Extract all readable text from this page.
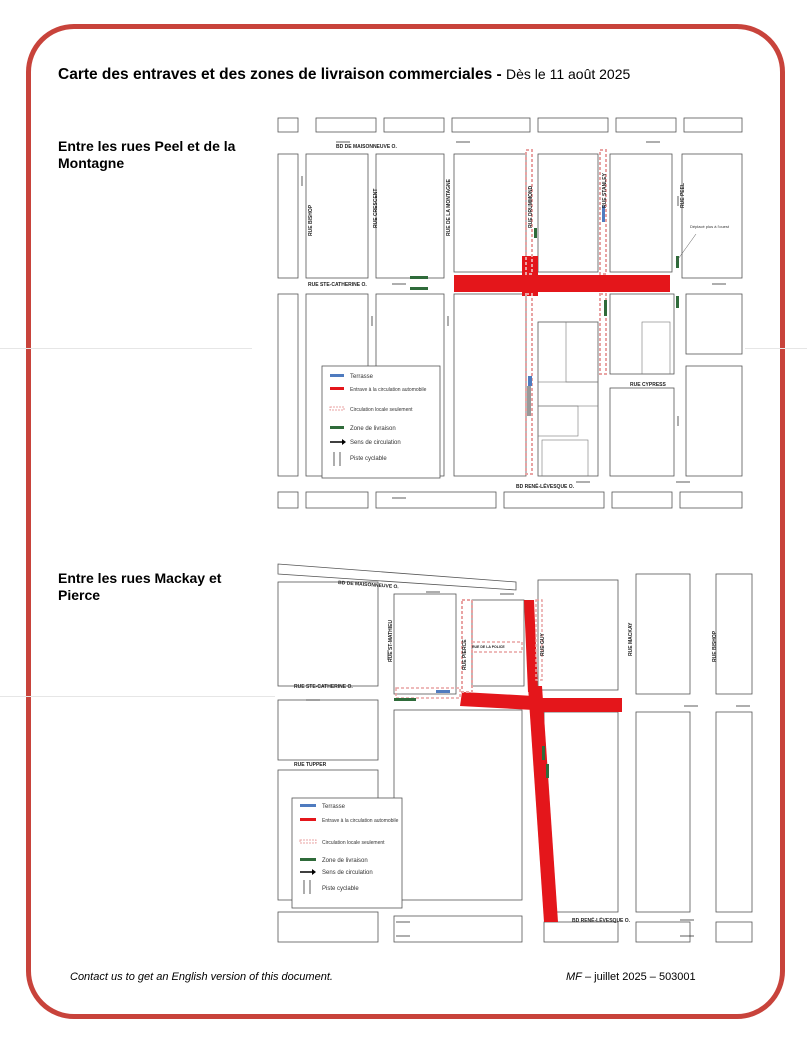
Carte des entraves et des zones de livraison commerciales - Dès le 11 août 2025
Entre les rues Peel et de la Montagne
Entre les rues Mackay et Pierce
BD DE MAISONNEUVE O.
RUE STE-CATHERINE O.
BD RENÉ-LÉVESQUE O.
RUE CYPRESS
RUE BISHOP	RUE CRESCENT	RUE DE LA MONTAGNE	RUE DRUMMOND	RUE STANLEY	RUE PEEL
Déplacé plus à l'ouest
Terrasse
Entrave à la circulation automobile
Circulation locale seulement
Zone de livraison
Sens de circulation
Piste cyclable
BD DE MAISONNEUVE O.
RUE STE-CATHERINE O.
RUE TUPPER
BD RENÉ-LÉVESQUE O.
RUE DE LA POLICE
RUE ST-MATHIEU	RUE PIERCE	RUE GUY	RUE MACKAY	RUE BISHOP
Terrasse
Entrave à la circulation automobile
Circulation locale seulement
Zone de livraison
Sens de circulation
Piste cyclable
Contact us to get an English version of this document.	MF – juillet 2025 – 503001
